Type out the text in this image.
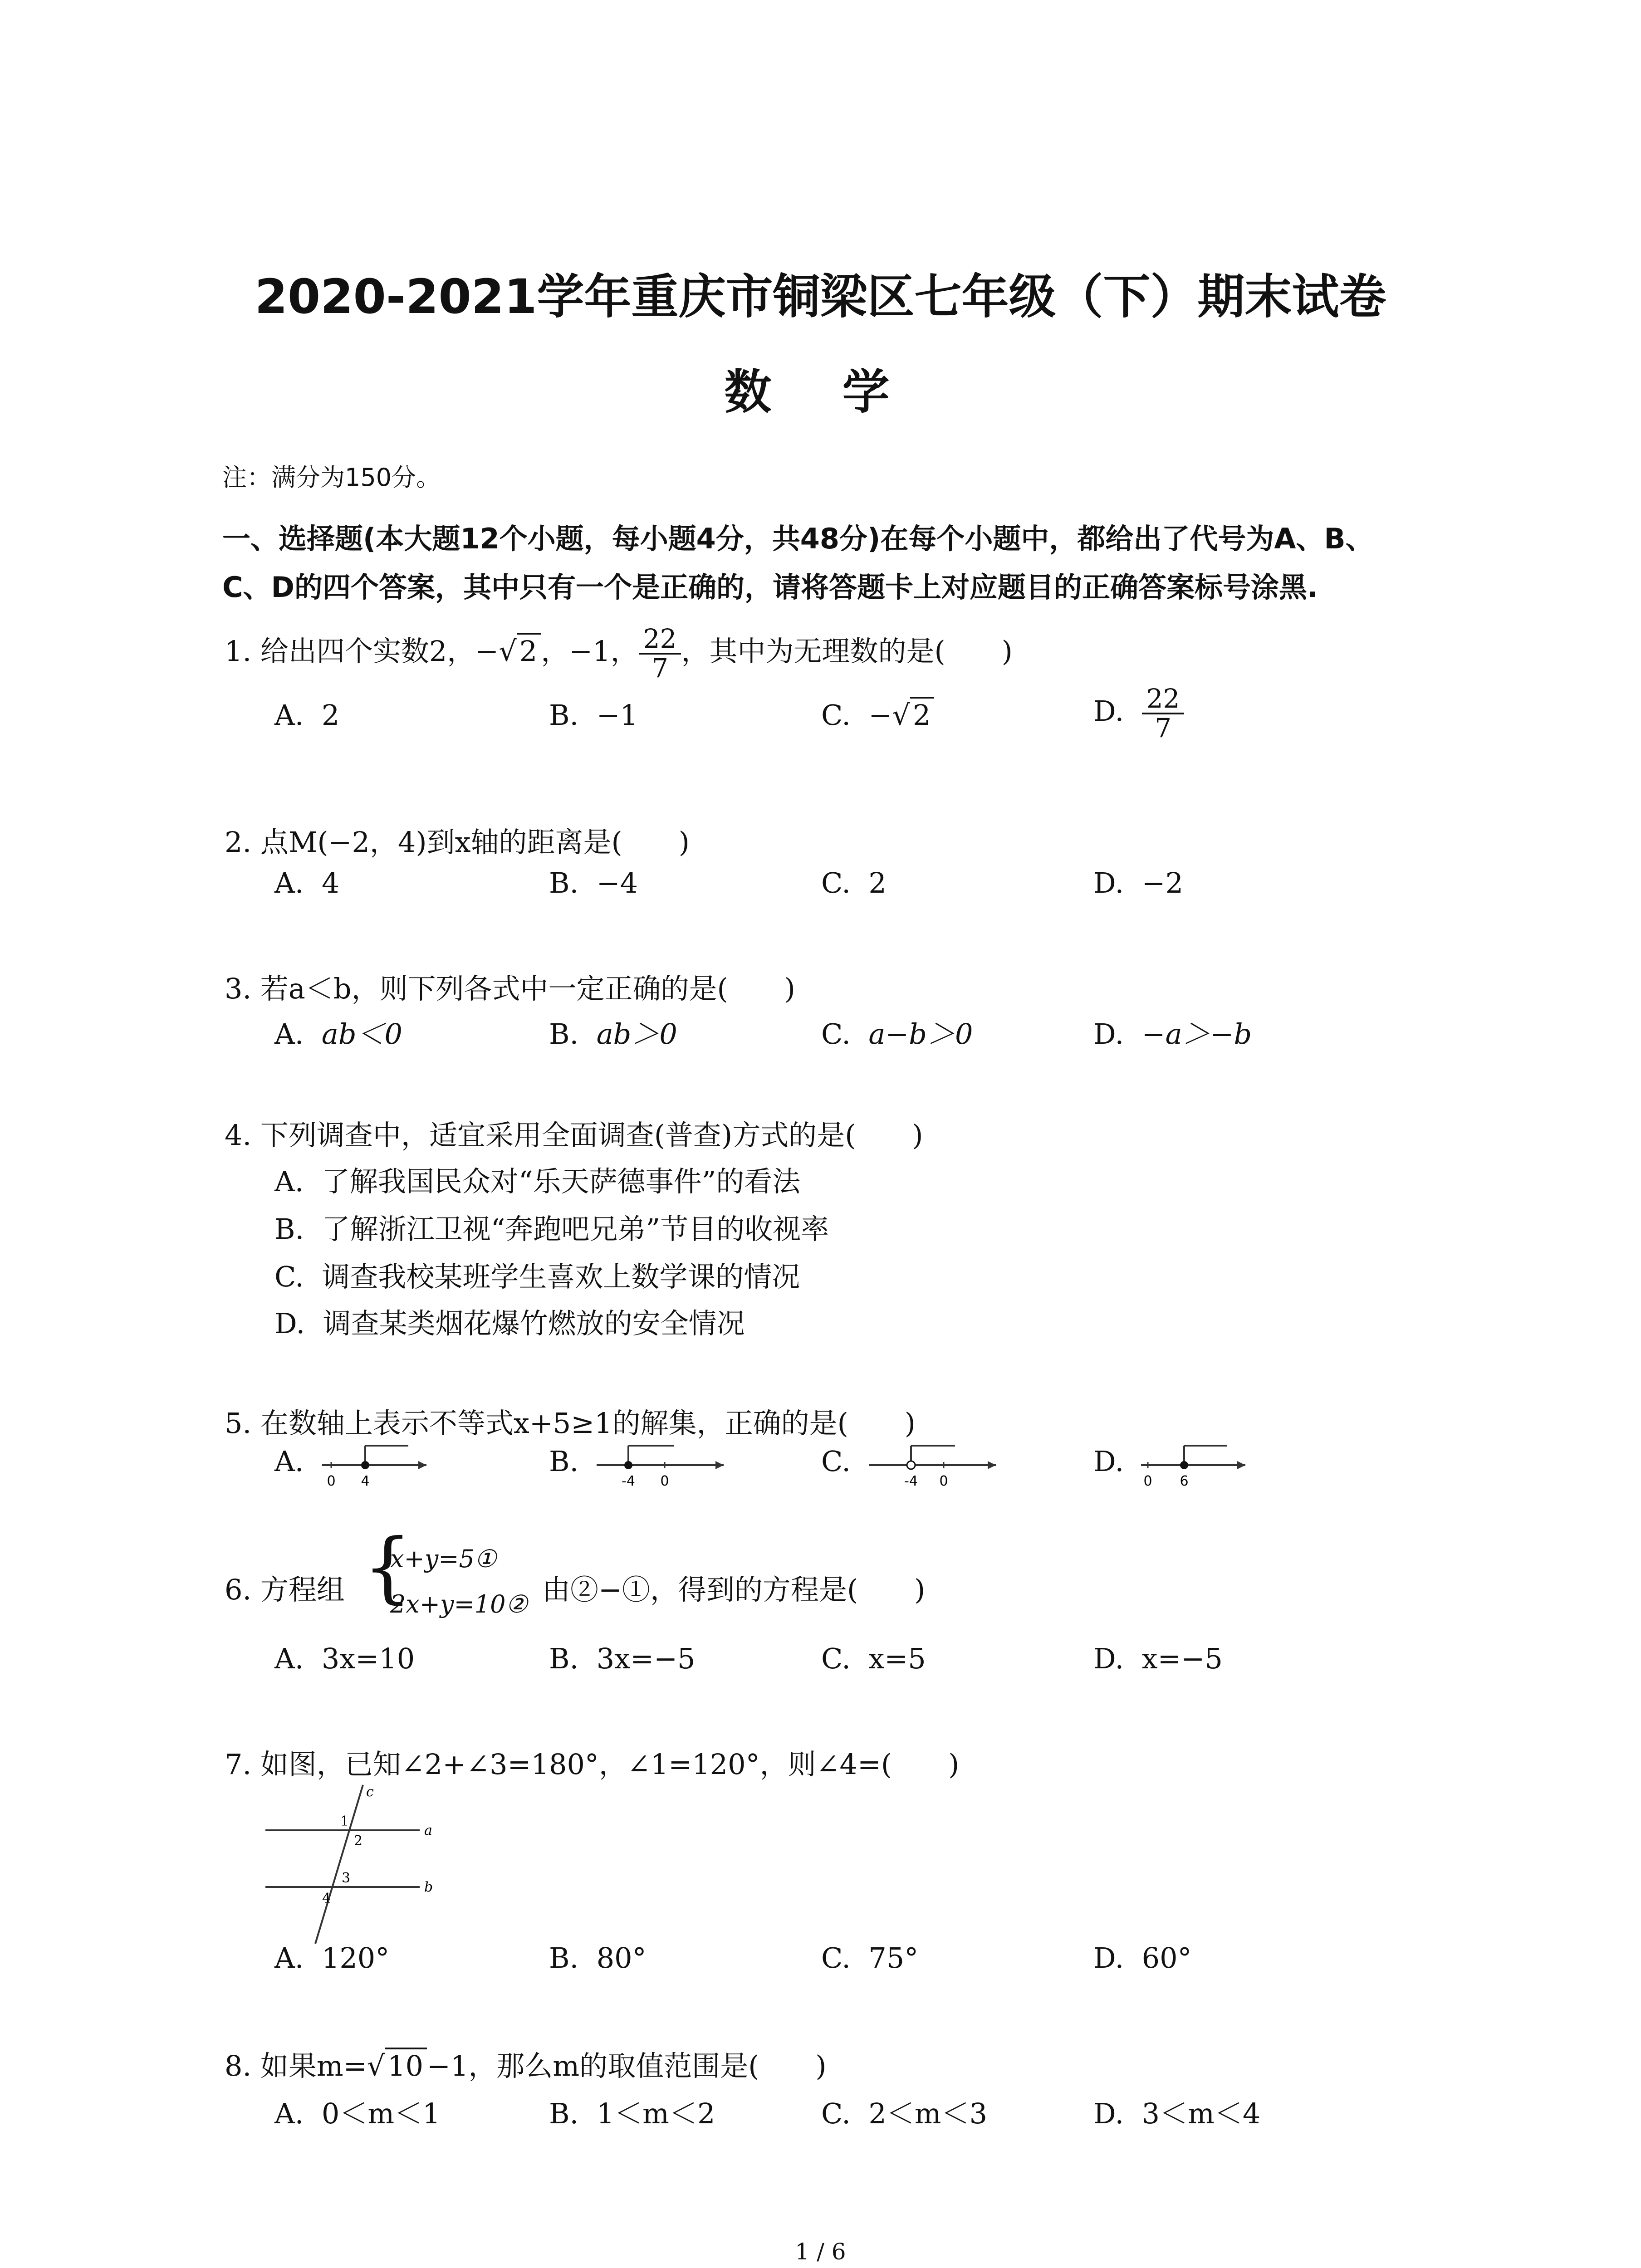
2020-2021学年重庆市铜梁区七年级（下）期末试卷
数 学
注：满分为150分。
一、选择题(本大题12个小题，每小题4分，共48分)在每个小题中，都给出了代号为A、B、
C、D的四个答案，其中只有一个是正确的，请将答题卡上对应题目的正确答案标号涂黑.
1. 给出四个实数2，−√2 ，−1， $\frac{22}{7}$ ，其中为无理数的是(　　)
A. 2	B. −1	C. −√2	D. $\frac{22}{7}$
2. 点M(−2，4)到x轴的距离是(　　)
A. 4	B. −4	C. 2	D. −2
3. 若a＜b，则下列各式中一定正确的是(　　)
A. ab＜0	B. ab＞0	C. a−b＞0	D. −a＞−b
4. 下列调查中，适宜采用全面调查(普查)方式的是(　　)
A. 了解我国民众对“乐天萨德事件”的看法
B. 了解浙江卫视“奔跑吧兄弟”节目的收视率
C. 调查我校某班学生喜欢上数学课的情况
D. 调查某类烟花爆竹燃放的安全情况
5. 在数轴上表示不等式x+5≥1的解集，正确的是(　　)
A.
0 4
B.
-4 0
C.
-4 0
D.
0 6
6. 方程组 {
x+y=5①
2x+y=10② 由②−①，得到的方程是(　　)
A. 3x=10	B. 3x=−5	C. x=5	D. x=−5
7. 如图，已知∠2+∠3=180°，∠1=120°，则∠4=(　　)
c
a
b
1
2
3
4
A. 120°	B. 80°	C. 75°	D. 60°
8. 如果m=√10 −1，那么m的取值范围是(　　)
A. 0＜m＜1	B. 1＜m＜2	C. 2＜m＜3	D. 3＜m＜4
1 / 6
